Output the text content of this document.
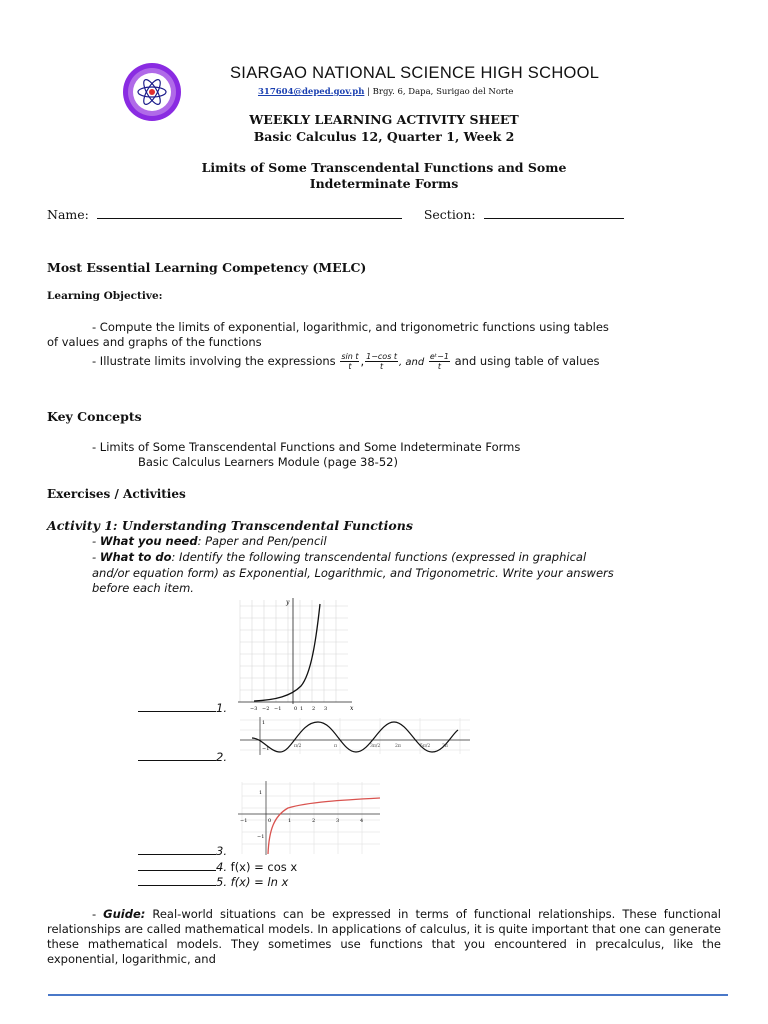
SIARGAO NATIONAL SCIENCE HIGH SCHOOL
317604@deped.gov.ph | Brgy. 6, Dapa, Surigao del Norte
WEEKLY LEARNING ACTIVITY SHEET
Basic Calculus 12, Quarter 1, Week 2
Limits of Some Transcendental Functions and Some
Indeterminate Forms
Name:	Section:
Most Essential Learning Competency (MELC)
Learning Objective:
- Compute the limits of exponential, logarithmic, and trigonometric functions using tables
of values and graphs of the functions
- Illustrate limits involving the expressions $\frac{\text{sin t}}{t}$ , $\frac{\text{1−cos t}}{t}$ , and $\frac{\text{eᵗ−1}}{t}$ and using table of values
Key Concepts
- Limits of Some Transcendental Functions and Some Indeterminate Forms
Basic Calculus Learners Module (page 38-52)
Exercises / Activities
Activity 1: Understanding Transcendental Functions
- What you need: Paper and Pen/pencil
- What to do: Identify the following transcendental functions (expressed in graphical
and/or equation form) as Exponential, Logarithmic, and Trigonometric. Write your answers
before each item.
y
x
−3 −2 −1	0 1 2 3
1
−1	π/2	π	3π/2	2π	5π/2	3π
1
−1
−1	0	1	2	3	4
1.
2.
3.
4. f(x) = cos x
5. f(x) = ln x
- Guide: Real-world situations can be expressed in terms of functional relationships. These functional relationships are called mathematical models. In applications of calculus, it is quite important that one can generate these mathematical models. They sometimes use functions that you encountered in precalculus, like the exponential, logarithmic, and
